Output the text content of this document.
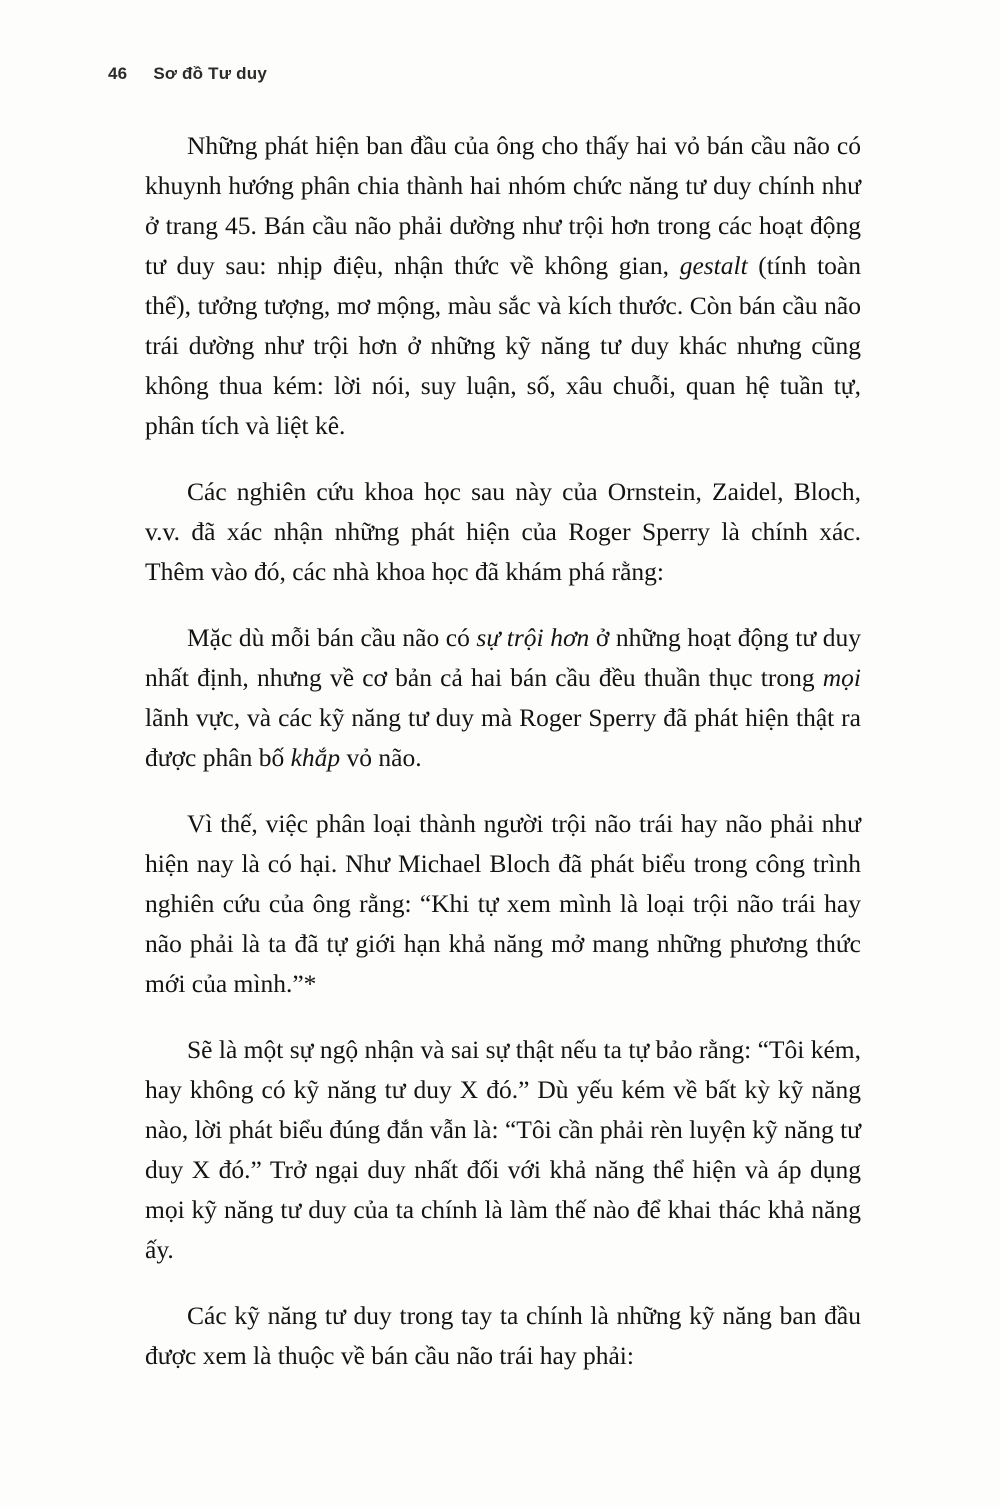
46 Sơ đồ Tư duy

Những phát hiện ban đầu của ông cho thấy hai vỏ bán cầu não có khuynh hướng phân chia thành hai nhóm chức năng tư duy chính như ở trang 45. Bán cầu não phải dường như trội hơn trong các hoạt động tư duy sau: nhịp điệu, nhận thức về không gian, gestalt (tính toàn thể), tưởng tượng, mơ mộng, màu sắc và kích thước. Còn bán cầu não trái dường như trội hơn ở những kỹ năng tư duy khác nhưng cũng không thua kém: lời nói, suy luận, số, xâu chuỗi, quan hệ tuần tự, phân tích và liệt kê.

Các nghiên cứu khoa học sau này của Ornstein, Zaidel, Bloch, v.v. đã xác nhận những phát hiện của Roger Sperry là chính xác. Thêm vào đó, các nhà khoa học đã khám phá rằng:

Mặc dù mỗi bán cầu não có sự trội hơn ở những hoạt động tư duy nhất định, nhưng về cơ bản cả hai bán cầu đều thuần thục trong mọi lãnh vực, và các kỹ năng tư duy mà Roger Sperry đã phát hiện thật ra được phân bố khắp vỏ não.

Vì thế, việc phân loại thành người trội não trái hay não phải như hiện nay là có hại. Như Michael Bloch đã phát biểu trong công trình nghiên cứu của ông rằng: “Khi tự xem mình là loại trội não trái hay não phải là ta đã tự giới hạn khả năng mở mang những phương thức mới của mình.”*

Sẽ là một sự ngộ nhận và sai sự thật nếu ta tự bảo rằng: “Tôi kém, hay không có kỹ năng tư duy X đó.” Dù yếu kém về bất kỳ kỹ năng nào, lời phát biểu đúng đắn vẫn là: “Tôi cần phải rèn luyện kỹ năng tư duy X đó.” Trở ngại duy nhất đối với khả năng thể hiện và áp dụng mọi kỹ năng tư duy của ta chính là làm thế nào để khai thác khả năng ấy.

Các kỹ năng tư duy trong tay ta chính là những kỹ năng ban đầu được xem là thuộc về bán cầu não trái hay phải:
